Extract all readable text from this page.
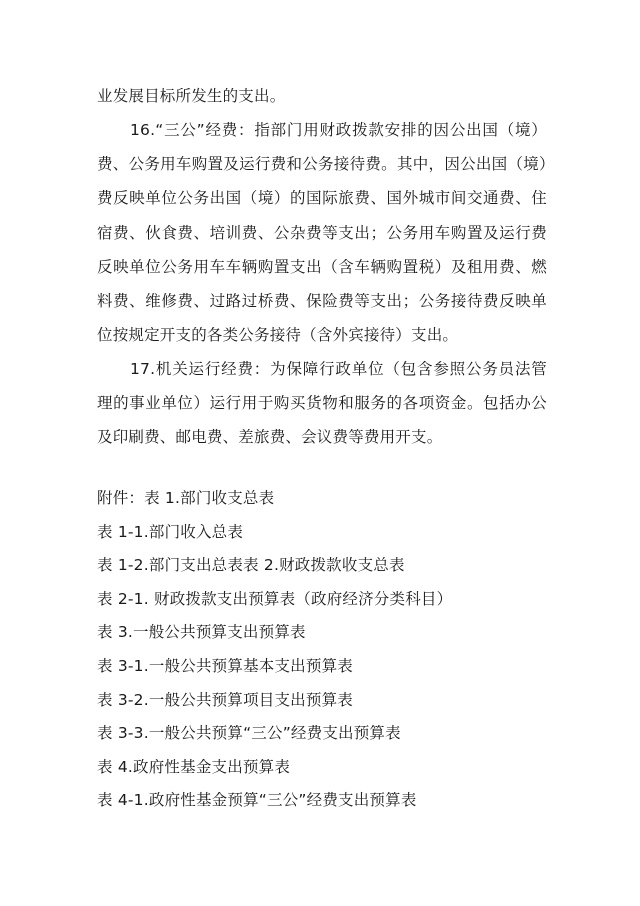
业发展目标所发生的支出。

16.“三公”经费：指部门用财政拨款安排的因公出国（境）费、公务用车购置及运行费和公务接待费。其中，因公出国（境）费反映单位公务出国（境）的国际旅费、国外城市间交通费、住宿费、伙食费、培训费、公杂费等支出；公务用车购置及运行费反映单位公务用车车辆购置支出（含车辆购置税）及租用费、燃料费、维修费、过路过桥费、保险费等支出；公务接待费反映单位按规定开支的各类公务接待（含外宾接待）支出。

17.机关运行经费：为保障行政单位（包含参照公务员法管理的事业单位）运行用于购买货物和服务的各项资金。包括办公及印刷费、邮电费、差旅费、会议费等费用开支。

附件：表 1.部门收支总表
表 1-1.部门收入总表
表 1-2.部门支出总表表 2.财政拨款收支总表
表 2-1. 财政拨款支出预算表（政府经济分类科目）
表 3.一般公共预算支出预算表
表 3-1.一般公共预算基本支出预算表
表 3-2.一般公共预算项目支出预算表
表 3-3.一般公共预算“三公”经费支出预算表
表 4.政府性基金支出预算表
表 4-1.政府性基金预算“三公”经费支出预算表
